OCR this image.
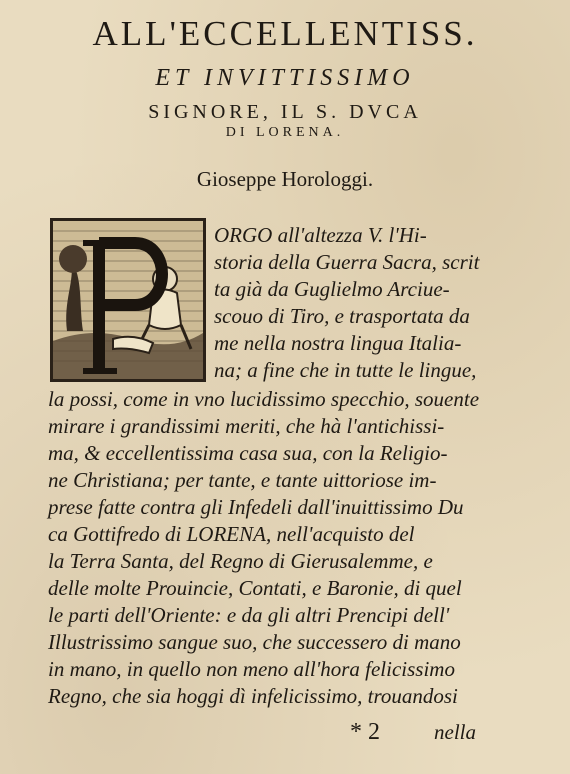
ALL'ECCELLENTISS.
ET INVITTISSIMO
SIGNORE, IL S. DVCA
DI LORENA.
Gioseppe Horologgi.
ORGO all'altezza V. l'Hi-
storia della Guerra Sacra, scrit
ta già da Guglielmo Arciue-
scouo di Tiro, e trasportata da
me nella nostra lingua Italia-
na; a fine che in tutte le lingue,
la possi, come in vno lucidissimo specchio, souente
mirare i grandissimi meriti, che hà l'antichissi-
ma, & eccellentissima casa sua, con la Religio-
ne Christiana; per tante, e tante uittoriose im-
prese fatte contra gli Infedeli dall'inuittissimo Du
ca Gottifredo di LORENA, nell'acquisto del
la Terra Santa, del Regno di Gierusalemme, e
delle molte Prouincie, Contati, e Baronie, di quel
le parti dell'Oriente: e da gli altri Prencipi dell'
Illustrissimo sangue suo, che successero di mano
in mano, in quello non meno all'hora felicissimo
Regno, che sia hoggi dì infelicissimo, trouandosi
* 2	nella
